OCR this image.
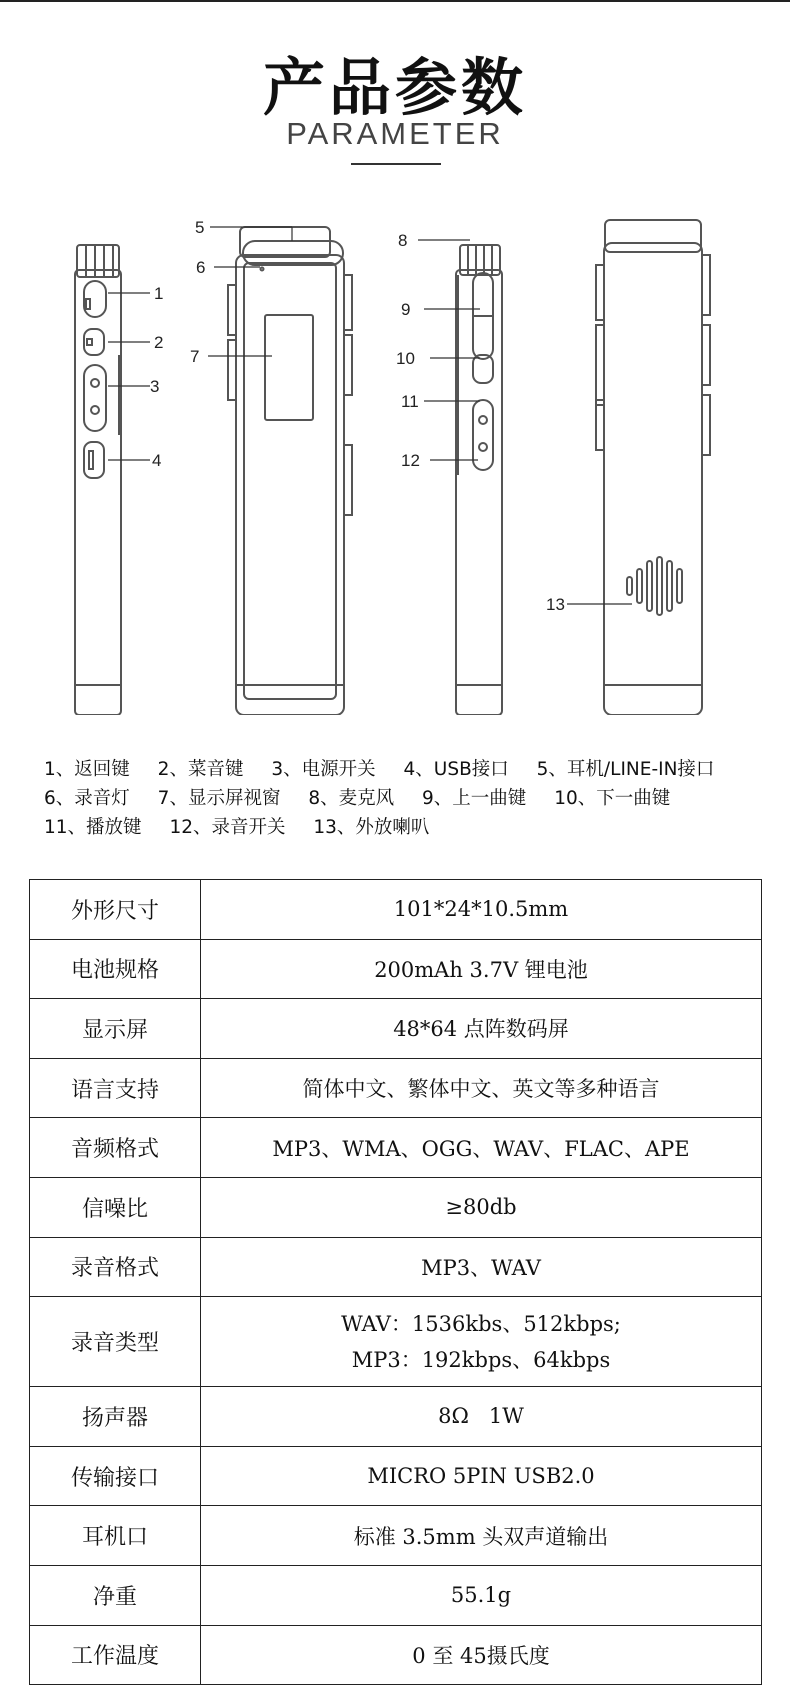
产品参数
PARAMETER
1
2
3
4
5
6
7
8
9
10
11
12
13
1、返回键 2、菜音键 3、电源开关 4、USB接口 5、耳机/LINE-IN接口
6、录音灯 7、显示屏视窗 8、麦克风 9、上一曲键 10、下一曲键
11、播放键 12、录音开关 13、外放喇叭
外形尺寸	101*24*10.5mm
电池规格	200mAh 3.7V 锂电池
显示屏	48*64 点阵数码屏
语言支持	简体中文、繁体中文、英文等多种语言
音频格式	MP3、WMA、OGG、WAV、FLAC、APE
信噪比	≥80db
录音格式	MP3、WAV
录音类型	WAV：1536kbs、512kbps;
MP3：192kbps、64kbps

扬声器	8Ω   1W
传输接口	MICRO 5PIN USB2.0
耳机口	标准 3.5mm 头双声道输出
净重	55.1g
工作温度	0 至 45摄氏度
